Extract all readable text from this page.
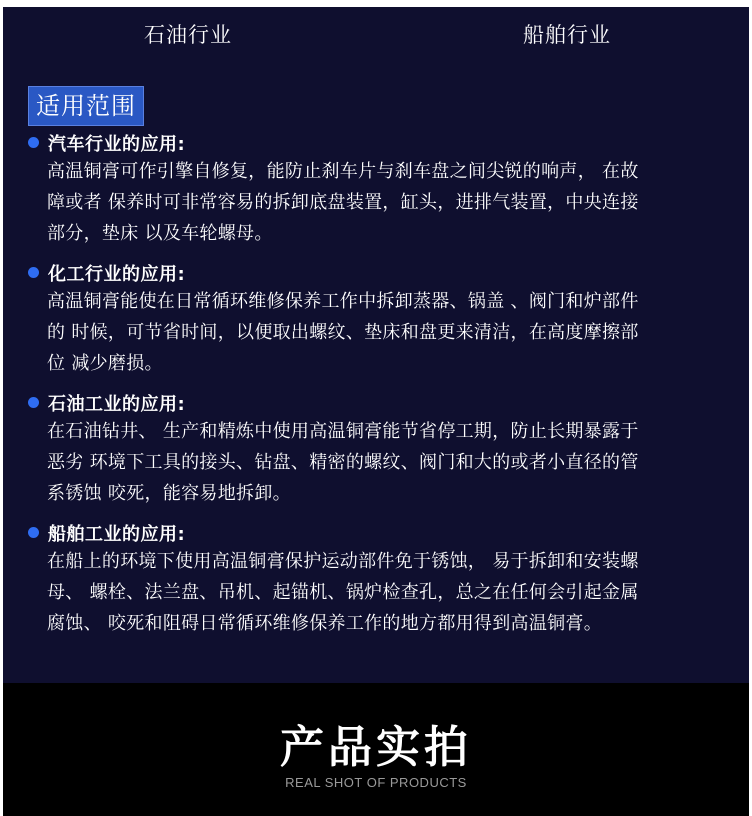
石油行业	船舶行业
适用范围
汽车行业的应用:
高温铜膏可作引擎自修复，能防止刹车片与刹车盘之间尖锐的响声， 在故
障或者 保养时可非常容易的拆卸底盘装置，缸头，进排气装置，中央连接
部分，垫床 以及车轮螺母。
化工行业的应用:
高温铜膏能使在日常循环维修保养工作中拆卸蒸器、锅盖 、阀门和炉部件
的 时候，可节省时间，以便取出螺纹、垫床和盘更来清洁，在高度摩擦部
位 减少磨损。
石油工业的应用:
在石油钻井、 生产和精炼中使用高温铜膏能节省停工期，防止长期暴露于
恶劣 环境下工具的接头、钻盘、精密的螺纹、阀门和大的或者小直径的管
系锈蚀 咬死，能容易地拆卸。
船舶工业的应用:
在船上的环境下使用高温铜膏保护运动部件免于锈蚀， 易于拆卸和安装螺
母、 螺栓、法兰盘、吊机、起锚机、锅炉检查孔，总之在任何会引起金属
腐蚀、 咬死和阻碍日常循环维修保养工作的地方都用得到高温铜膏。
产品实拍
REAL SHOT OF PRODUCTS
